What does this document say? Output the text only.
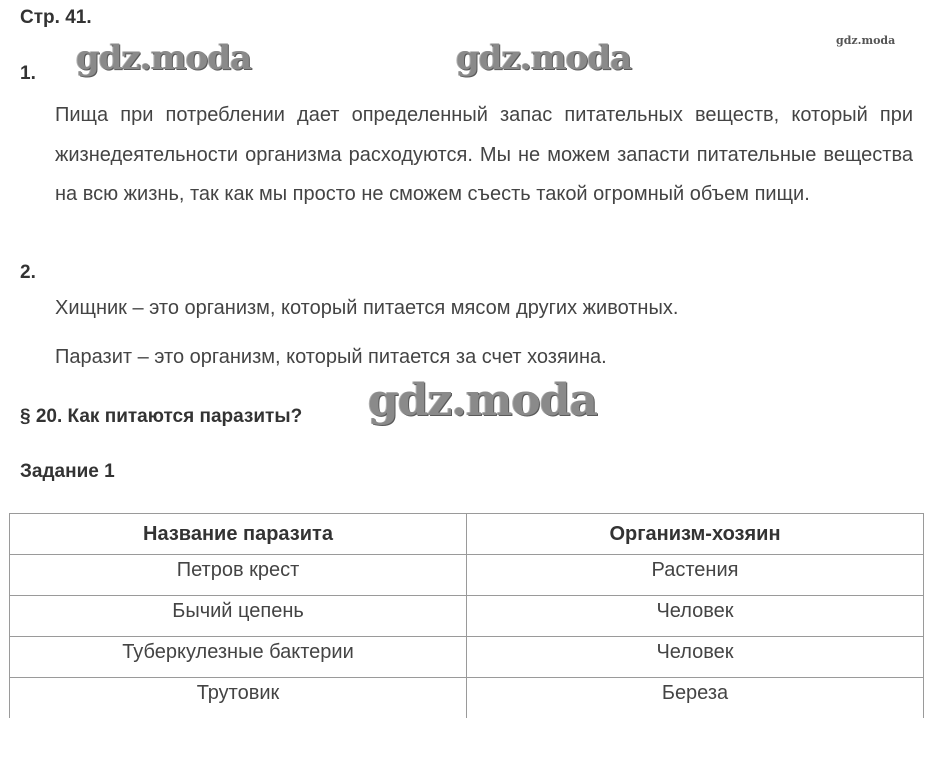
Стр. 41.
gdz.moda	gdz.moda	gdz.moda
1.
Пища при потреблении дает определенный запас питательных веществ, который при жизнедеятельности организма расходуются. Мы не можем запасти питательные вещества на всю жизнь, так как мы просто не сможем съесть такой огромный объем пищи.
2.
Хищник – это организм, который питается мясом других животных.
Паразит – это организм, который питается за счет хозяина.
§ 20. Как питаются паразиты? gdz.moda
Задание 1
Название паразита	Организм-хозяин
Петров крест	Растения
Бычий цепень	Человек
Туберкулезные бактерии	Человек
Трутовик	Береза
